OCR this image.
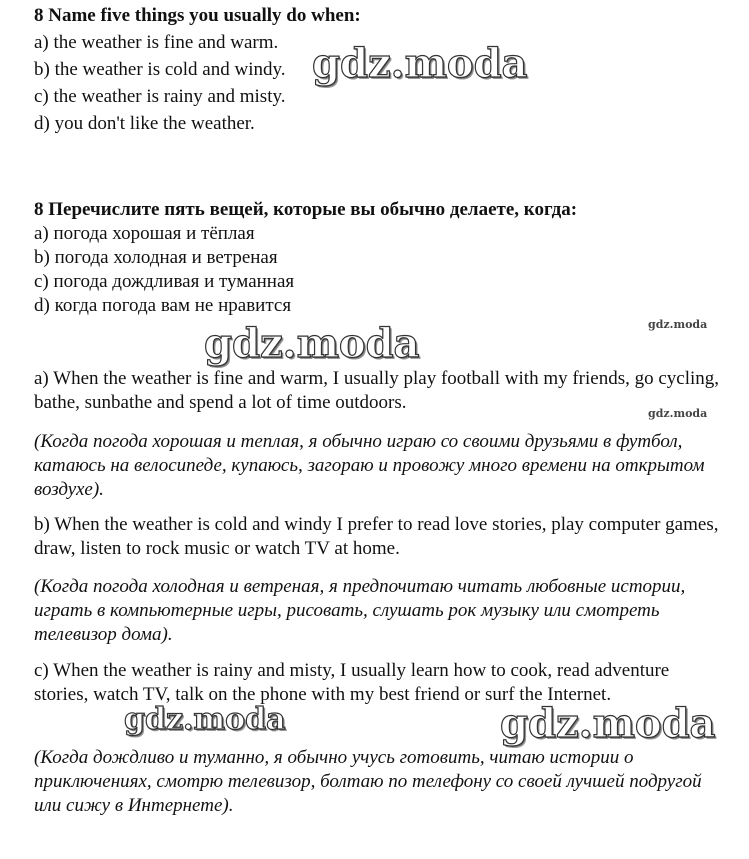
8 Name five things you usually do when:
a) the weather is fine and warm.
b) the weather is cold and windy.
c) the weather is rainy and misty.
d) you don't like the weather.
8 Перечислите пять вещей, которые вы обычно делаете, когда:
a) погода хорошая и тёплая
b) погода холодная и ветреная
c) погода дождливая и туманная
d) когда погода вам не нравится
a) When the weather is fine and warm, I usually play football with my friends, go cycling, bathe, sunbathe and spend a lot of time outdoors.
(Когда погода хорошая и теплая, я обычно играю со своими друзьями в футбол, катаюсь на велосипеде, купаюсь, загораю и провожу много времени на открытом воздухе).
b) When the weather is cold and windy I prefer to read love stories, play computer games, draw, listen to rock music or watch TV at home.
(Когда погода холодная и ветреная, я предпочитаю читать любовные истории, играть в компьютерные игры, рисовать, слушать рок музыку или смотреть телевизор дома).
c) When the weather is rainy and misty, I usually learn how to cook, read adventure stories, watch TV, talk on the phone with my best friend or surf the Internet.
(Когда дождливо и туманно, я обычно учусь готовить, читаю истории о приключениях, смотрю телевизор, болтаю по телефону со своей лучшей подругой или сижу в Интернете).
gdz.moda
gdz.moda
gdz.moda	gdz.moda
gdz.moda
gdz.moda
